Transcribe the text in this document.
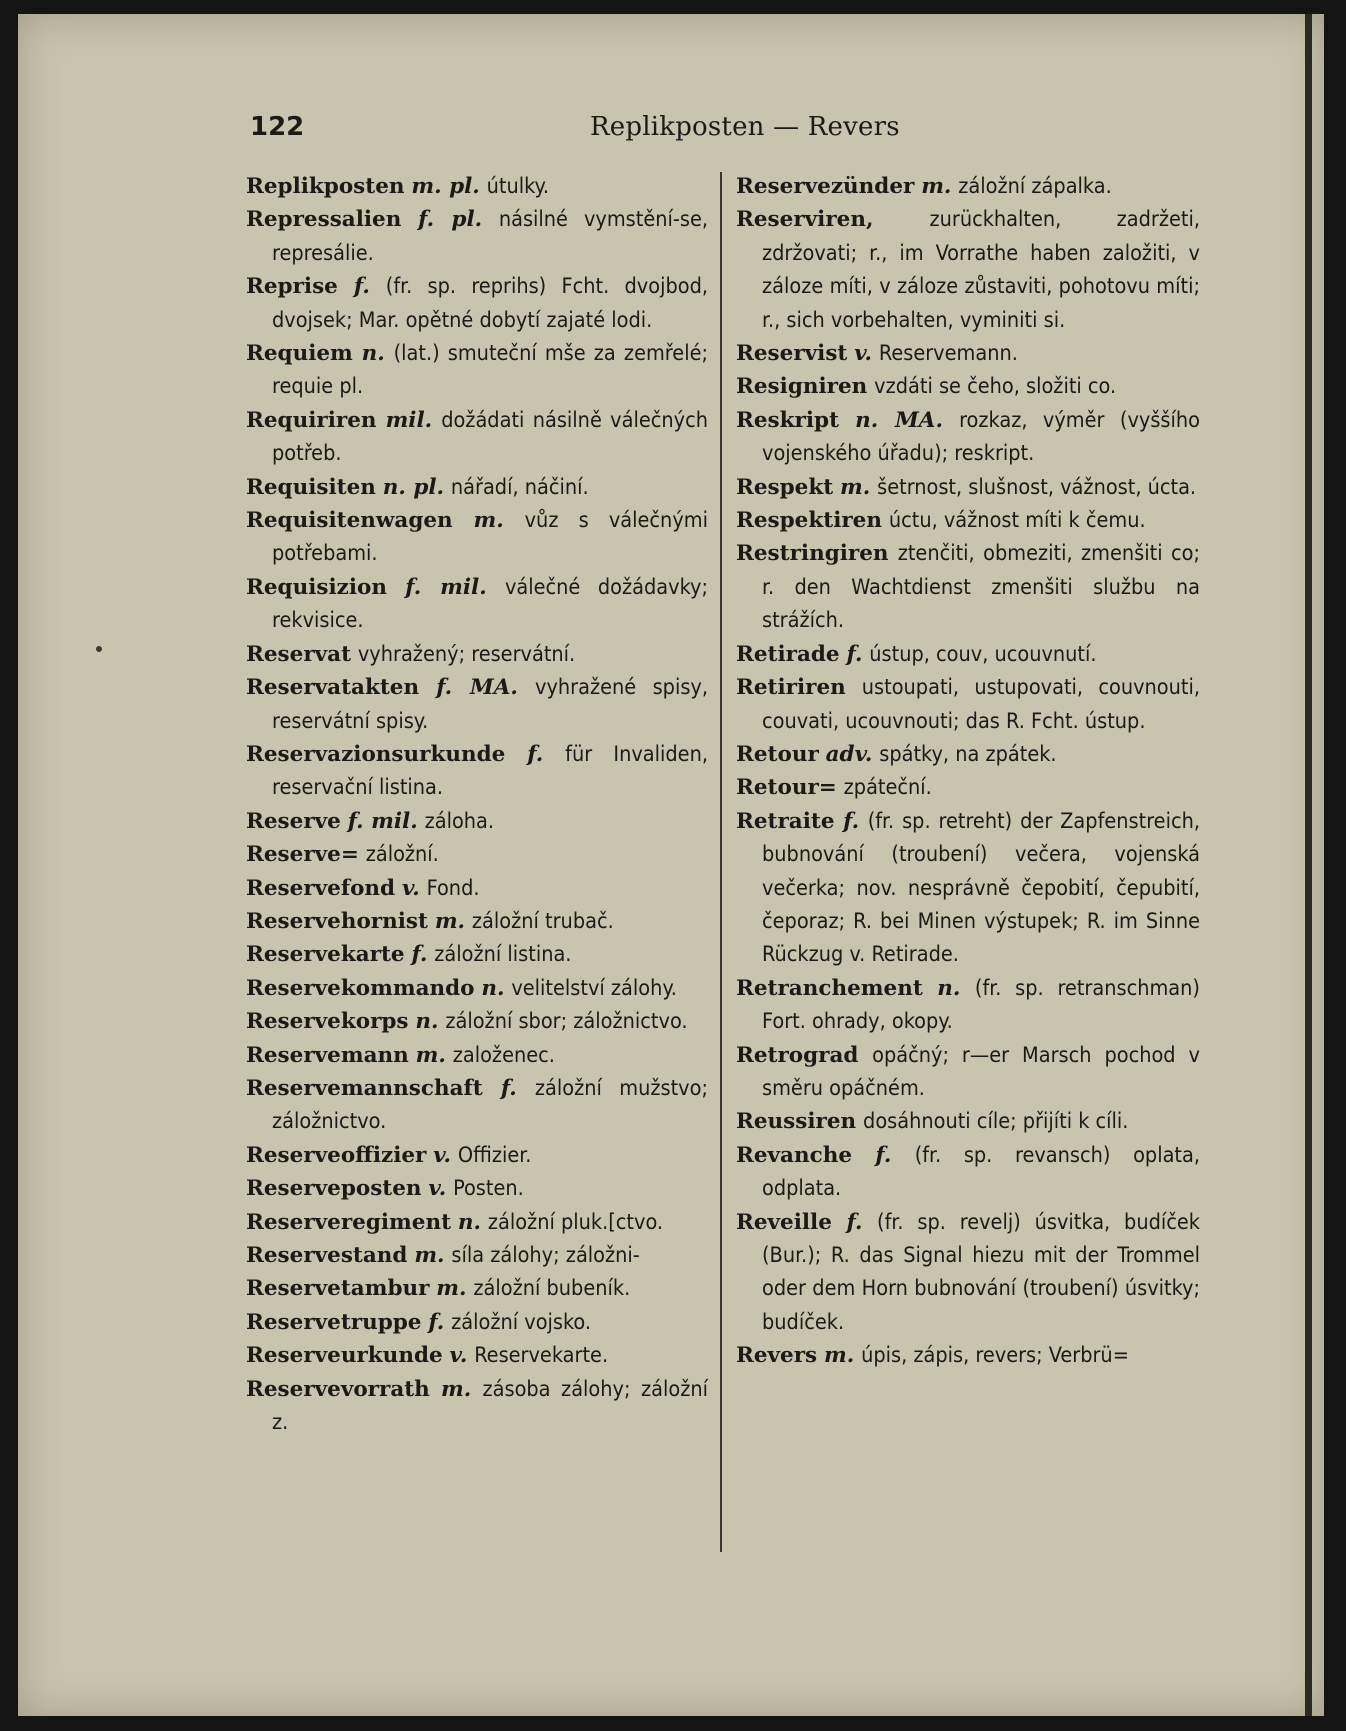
122	Replikposten — Revers

Replikposten m. pl. útulky.

Repressalien f. pl. násilné vymstění-se, represálie.

Reprise f. (fr. sp. reprihs) Fcht. dvojbod, dvojsek; Mar. opětné dobytí zajaté lodi.

Requiem n. (lat.) smuteční mše za zemřelé; requie pl.

Requiriren mil. dožádati násilně válečných potřeb.

Requisiten n. pl. nářadí, náčiní.

Requisitenwagen m. vůz s válečnými potřebami.

Requisizion f. mil. válečné dožádavky; rekvisice.

Reservat vyhražený; reservátní.

Reservatakten f. MA. vyhražené spisy, reservátní spisy.

Reservazionsurkunde f. für Invaliden, reservační listina.

Reserve f. mil. záloha.

Reserve= záložní.

Reservefond v. Fond.

Reservehornist m. záložní trubač.

Reservekarte f. záložní listina.

Reservekommando n. velitelství zálohy.

Reservekorps n. záložní sbor; záložnictvo.

Reservemann m. založenec.

Reservemannschaft f. záložní mužstvo; záložnictvo.

Reserveoffizier v. Offizier.

Reserveposten v. Posten.

Reserveregiment n. záložní pluk.[ctvo.

Reservestand m. síla zálohy; záložni-

Reservetambur m. záložní bubeník.

Reservetruppe f. záložní vojsko.

Reserveurkunde v. Reservekarte.

Reservevorrath m. zásoba zálohy; záložní z.

Reservezünder m. záložní zápalka.

Reserviren,	zurückhalten, zadržeti, zdržovati; r., im Vorrathe haben založiti, v záloze míti, v záloze zůstaviti, pohotovu míti; r., sich vorbehalten, vyminiti si.

Reservist v. Reservemann.

Resigniren vzdáti se čeho, složiti co.

Reskript n. MA. rozkaz, výměr (vyššího vojenského úřadu); reskript.

Respekt m. šetrnost, slušnost, vážnost, úcta.

Respektiren úctu, vážnost míti k čemu.

Restringiren ztenčiti, obmeziti, zmenšiti co; r. den Wachtdienst zmenšiti službu na strážích.

Retirade f. ústup, couv, ucouvnutí.

Retiriren ustoupati, ustupovati, couvnouti, couvati, ucouvnouti; das R. Fcht. ústup.

Retour adv. spátky, na zpátek.

Retour= zpáteční.

Retraite f. (fr. sp. retreht) der Zapfenstreich, bubnování (troubení) večera, vojenská večerka; nov. nesprávně čepobití, čepubití, čeporaz; R. bei Minen výstupek; R. im Sinne Rückzug v. Retirade.

Retranchement n. (fr. sp. retranschman) Fort. ohrady, okopy.

Retrograd opáčný; r—er Marsch pochod v směru opáčném.

Reussiren dosáhnouti cíle; přijíti k cíli.

Revanche f. (fr. sp. revansch) oplata, odplata.

Reveille f. (fr. sp. revelj) úsvitka, budíček (Bur.); R. das Signal hiezu mit der Trommel oder dem Horn bubnování (troubení) úsvitky; budíček.

Revers m. úpis, zápis, revers; Verbrü=
